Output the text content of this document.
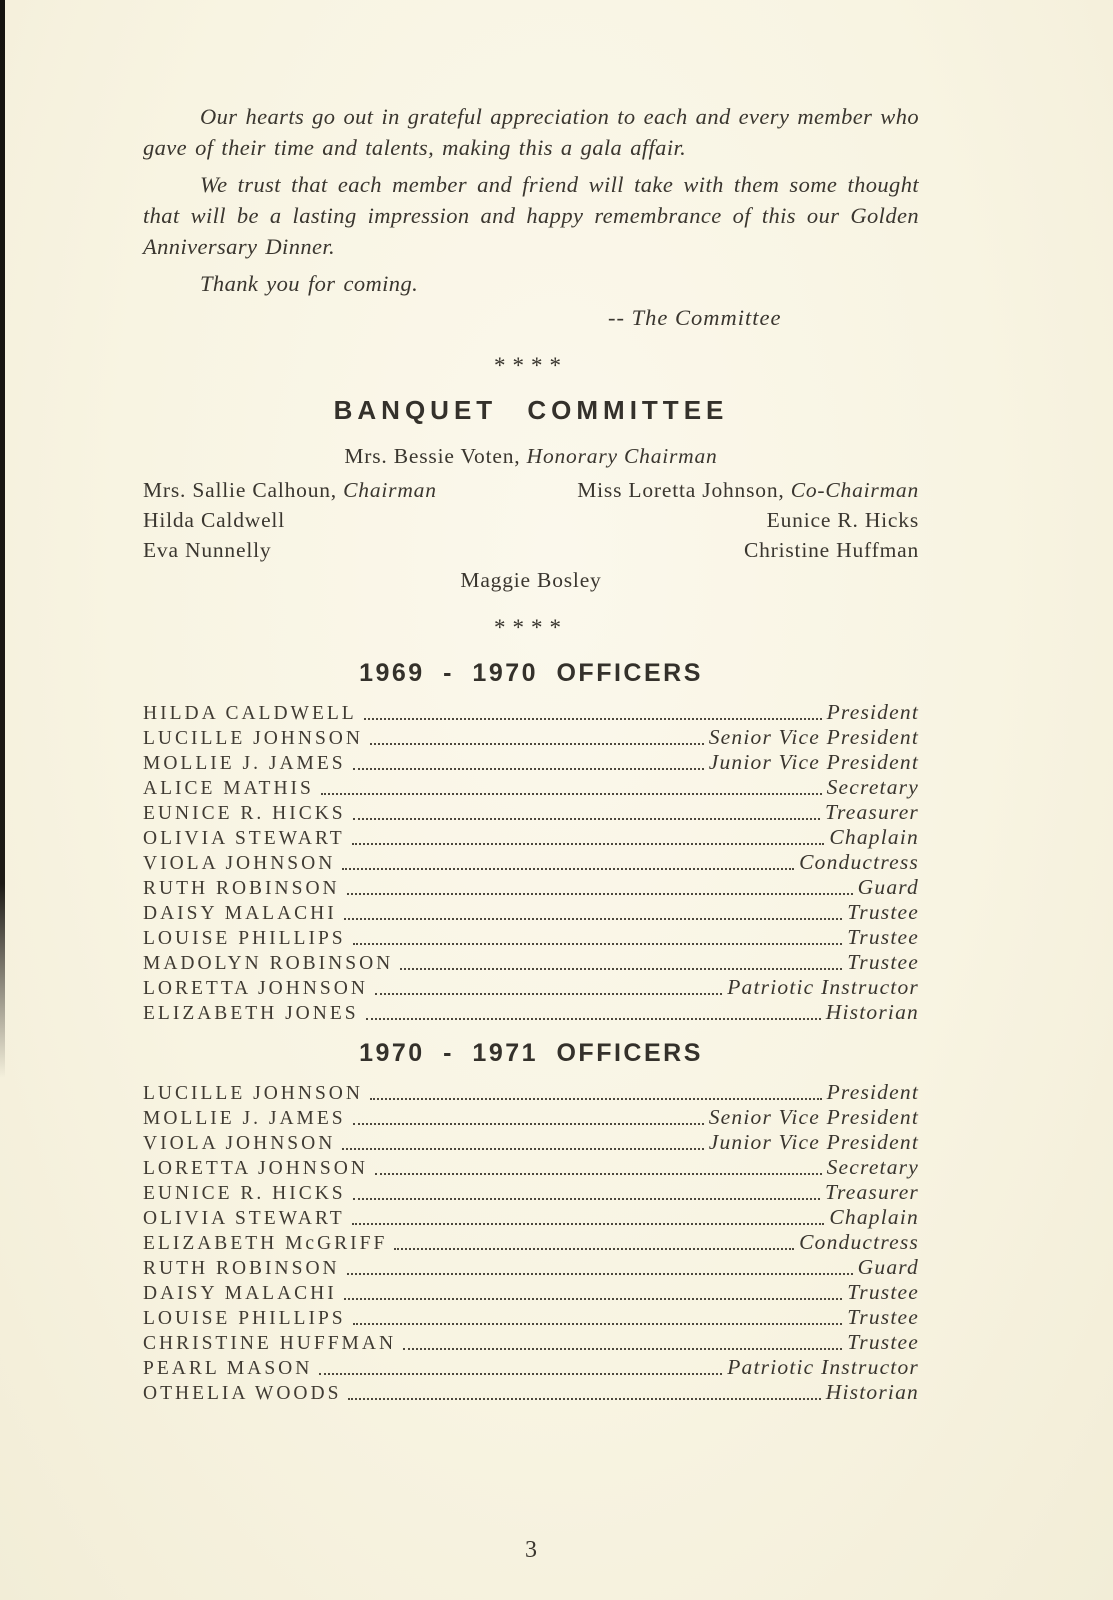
Our hearts go out in grateful appreciation to each and every member who gave of their time and talents, making this a gala affair.

We trust that each member and friend will take with them some thought that will be a lasting impression and happy remembrance of this our Golden Anniversary Dinner.

Thank you for coming.

-- The Committee
****
BANQUET COMMITTEE
Mrs. Bessie Voten, Honorary Chairman
Mrs. Sallie Calhoun, Chairman	Miss Loretta Johnson, Co-Chairman
Hilda Caldwell	Eunice R. Hicks
Eva Nunnelly	Christine Huffman
Maggie Bosley
****
1969 - 1970 OFFICERS
HILDA CALDWELL	President
LUCILLE JOHNSON	Senior Vice President
MOLLIE J. JAMES	Junior Vice President
ALICE MATHIS	Secretary
EUNICE R. HICKS	Treasurer
OLIVIA STEWART	Chaplain
VIOLA JOHNSON	Conductress
RUTH ROBINSON	Guard
DAISY MALACHI	Trustee
LOUISE PHILLIPS	Trustee
MADOLYN ROBINSON	Trustee
LORETTA JOHNSON	Patriotic Instructor
ELIZABETH JONES	Historian
1970 - 1971 OFFICERS
LUCILLE JOHNSON	President
MOLLIE J. JAMES	Senior Vice President
VIOLA JOHNSON	Junior Vice President
LORETTA JOHNSON	Secretary
EUNICE R. HICKS	Treasurer
OLIVIA STEWART	Chaplain
ELIZABETH McGRIFF	Conductress
RUTH ROBINSON	Guard
DAISY MALACHI	Trustee
LOUISE PHILLIPS	Trustee
CHRISTINE HUFFMAN	Trustee
PEARL MASON	Patriotic Instructor
OTHELIA WOODS	Historian
3
